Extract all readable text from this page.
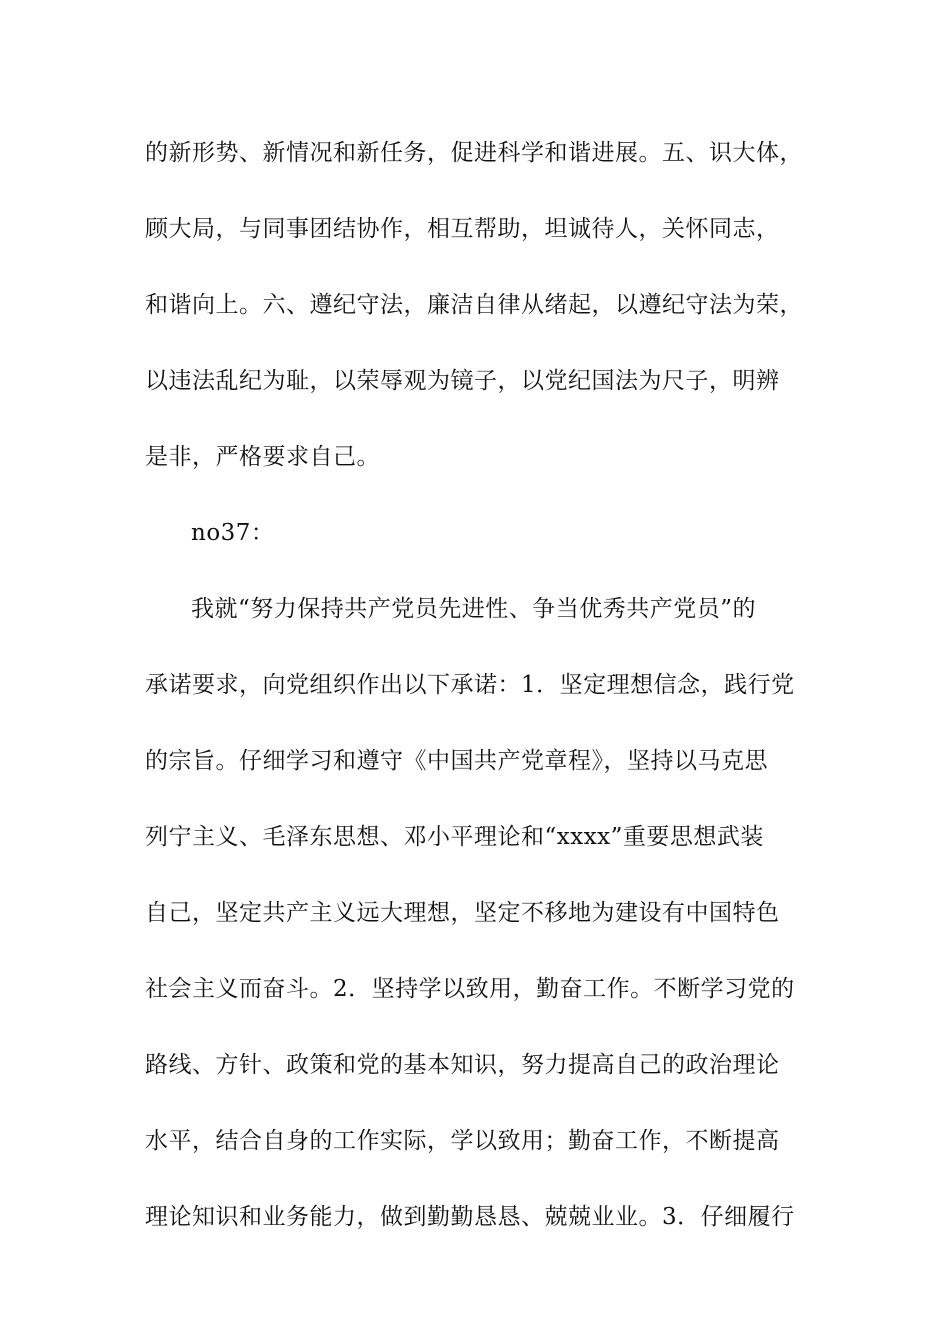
的新形势、新情况和新任务，促进科学和谐进展。五、识大体，
顾大局，与同事团结协作，相互帮助，坦诚待人，关怀同志，
和谐向上。六、遵纪守法，廉洁自律从绪起，以遵纪守法为荣，
以违法乱纪为耻，以荣辱观为镜子，以党纪国法为尺子，明辨
是非，严格要求自己。
no37：
我就“努力保持共产党员先进性、争当优秀共产党员”的
承诺要求，向党组织作出以下承诺：1．坚定理想信念，践行党
的宗旨。仔细学习和遵守《中国共产党章程》，坚持以马克思
列宁主义、毛泽东思想、邓小平理论和“xxxx”重要思想武装
自己，坚定共产主义远大理想，坚定不移地为建设有中国特色
社会主义而奋斗。2．坚持学以致用，勤奋工作。不断学习党的
路线、方针、政策和党的基本知识，努力提高自己的政治理论
水平，结合自身的工作实际，学以致用；勤奋工作，不断提高
理论知识和业务能力，做到勤勤恳恳、兢兢业业。3．仔细履行
